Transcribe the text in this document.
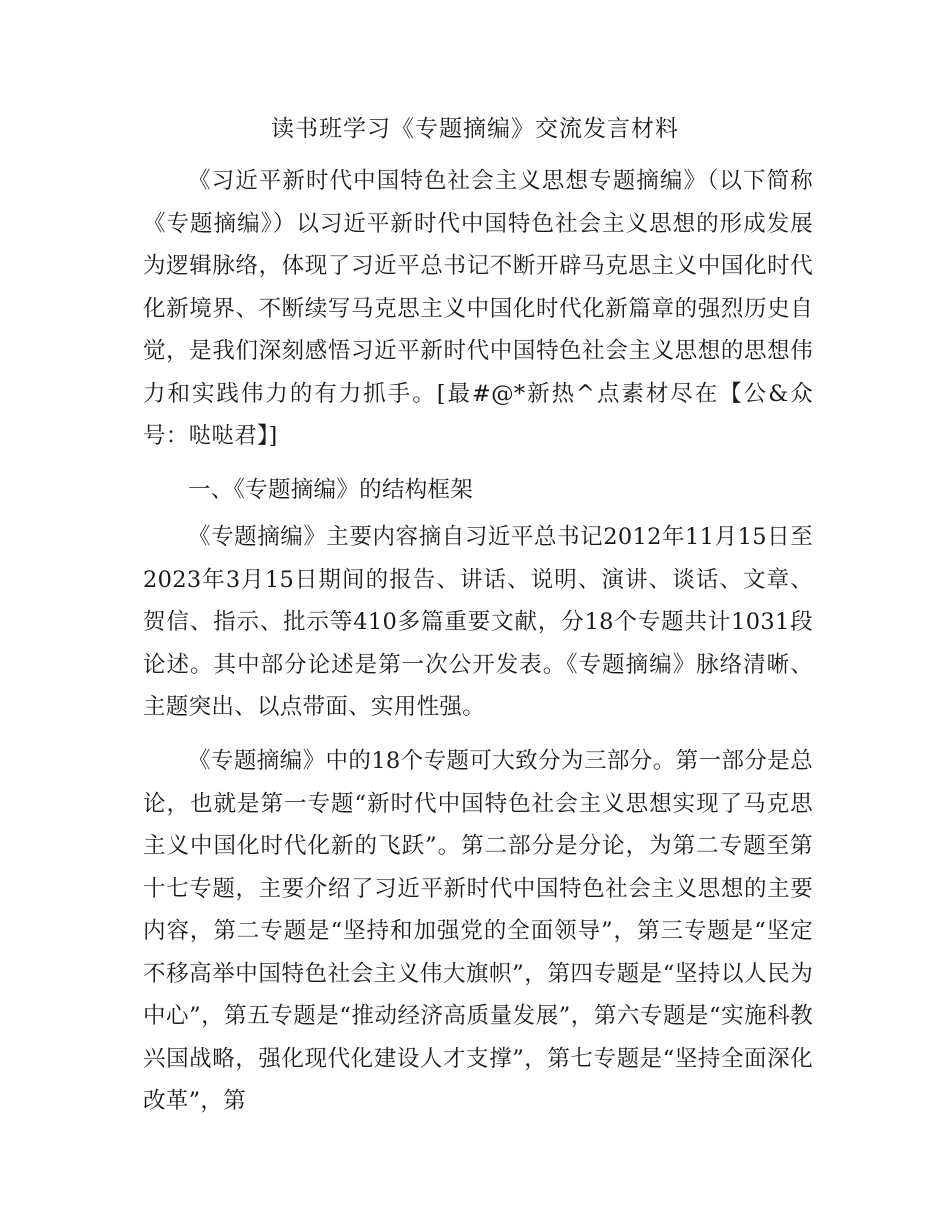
读书班学习《专题摘编》交流发言材料

《习近平新时代中国特色社会主义思想专题摘编》（以下简称《专题摘编》）以习近平新时代中国特色社会主义思想的形成发展为逻辑脉络，体现了习近平总书记不断开辟马克思主义中国化时代化新境界、不断续写马克思主义中国化时代化新篇章的强烈历史自觉，是我们深刻感悟习近平新时代中国特色社会主义思想的思想伟力和实践伟力的有力抓手。[最#@*新热^点素材尽在【公&众号：哒哒君】]

一、《专题摘编》的结构框架

《专题摘编》主要内容摘自习近平总书记2012年11月15日至2023年3月15日期间的报告、讲话、说明、演讲、谈话、文章、贺信、指示、批示等410多篇重要文献，分18个专题共计1031段论述。其中部分论述是第一次公开发表。《专题摘编》脉络清晰、主题突出、以点带面、实用性强。

《专题摘编》中的18个专题可大致分为三部分。第一部分是总论，也就是第一专题“新时代中国特色社会主义思想实现了马克思主义中国化时代化新的飞跃”。第二部分是分论，为第二专题至第十七专题，主要介绍了习近平新时代中国特色社会主义思想的主要内容，第二专题是“坚持和加强党的全面领导”，第三专题是“坚定不移高举中国特色社会主义伟大旗帜”，第四专题是“坚持以人民为中心”，第五专题是“推动经济高质量发展”，第六专题是“实施科教兴国战略，强化现代化建设人才支撑”，第七专题是“坚持全面深化改革”，第
